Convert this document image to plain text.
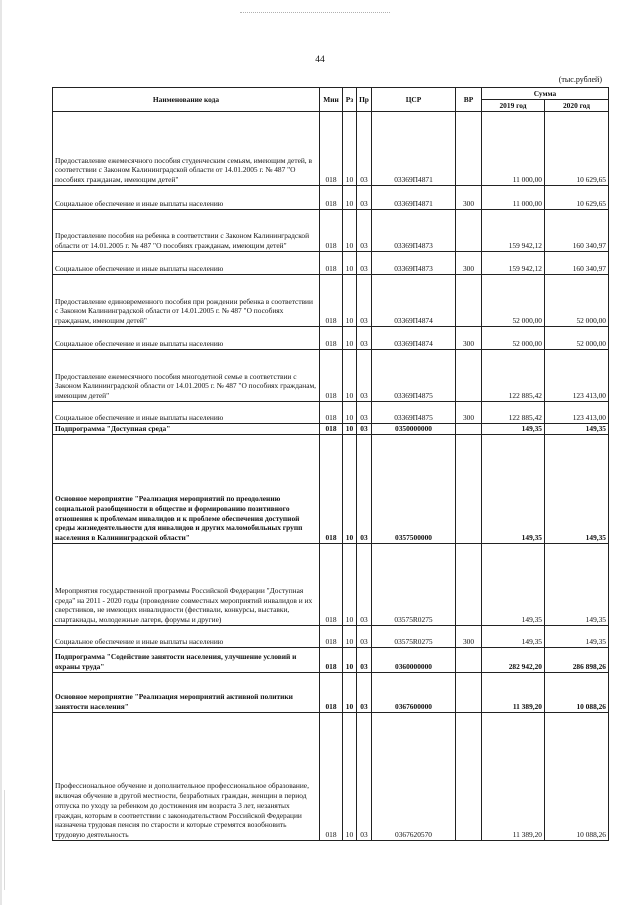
44
(тыс.рублей)
Наименование кода	Мин	Рз	Пр	ЦСР	ВР	Сумма	
						2019 год	2020 год
Предоставление ежемесячного пособия студенческим семьям, имеющим детей, в соответствии с Законом Калининградской области от 14.01.2005 г. № 487 "О пособиях гражданам, имеющим детей"	018	10	03	03369П4871		11 000,00	10 629,65
Социальное обеспечение и иные выплаты населению	018	10	03	03369П4871	300	11 000,00	10 629,65
Предоставление пособия на ребенка в соответствии с Законом Калининградской области от 14.01.2005 г. № 487 "О пособиях гражданам, имеющим детей"	018	10	03	03369П4873		159 942,12	160 340,97
Социальное обеспечение и иные выплаты населению	018	10	03	03369П4873	300	159 942,12	160 340,97
Предоставление единовременного пособия при рождении ребенка в соответствии с Законом Калининградской области от 14.01.2005 г. № 487 "О пособиях гражданам, имеющим детей"	018	10	03	03369П4874		52 000,00	52 000,00
Социальное обеспечение и иные выплаты населению	018	10	03	03369П4874	300	52 000,00	52 000,00
Предоставление ежемесячного пособия многодетной семье в соответствии с Законом Калининградской области от 14.01.2005 г. № 487 "О пособиях гражданам, имеющим детей"	018	10	03	03369П4875		122 885,42	123 413,00
Социальное обеспечение и иные выплаты населению	018	10	03	03369П4875	300	122 885,42	123 413,00
Подпрограмма "Доступная среда"	018	10	03	0350000000		149,35	149,35
Основное мероприятие "Реализация мероприятий по преодолению социальной разобщенности в обществе и формированию позитивного отношения к проблемам инвалидов и к проблеме обеспечения доступной среды жизнедеятельности для инвалидов и других маломобильных групп населения в Калининградской области"	018	10	03	0357500000		149,35	149,35
Мероприятия государственной программы Российской Федерации "Доступная среда" на 2011 - 2020 годы (проведение совместных мероприятий инвалидов и их сверстников, не имеющих инвалидности (фестивали, конкурсы, выставки, спартакиады, молодежные лагеря, форумы и другие)	018	10	03	03575R0275		149,35	149,35
Социальное обеспечение и иные выплаты населению	018	10	03	03575R0275	300	149,35	149,35
Подпрограмма "Содействие занятости населения, улучшение условий и охраны труда"	018	10	03	0360000000		282 942,20	286 898,26
Основное мероприятие "Реализация мероприятий активной политики занятости населения"	018	10	03	0367600000		11 389,20	10 088,26
Профессиональное обучение и дополнительное профессиональное образование, включая обучение в другой местности, безработных граждан, женщин в период отпуска по уходу за ребенком до достижения им возраста 3 лет, незанятых граждан, которым в соответствии с законодательством Российской Федерации назначена трудовая пенсия по старости и которые стремятся возобновить трудовую деятельность	018	10	03	0367620570		11 389,20	10 088,26
